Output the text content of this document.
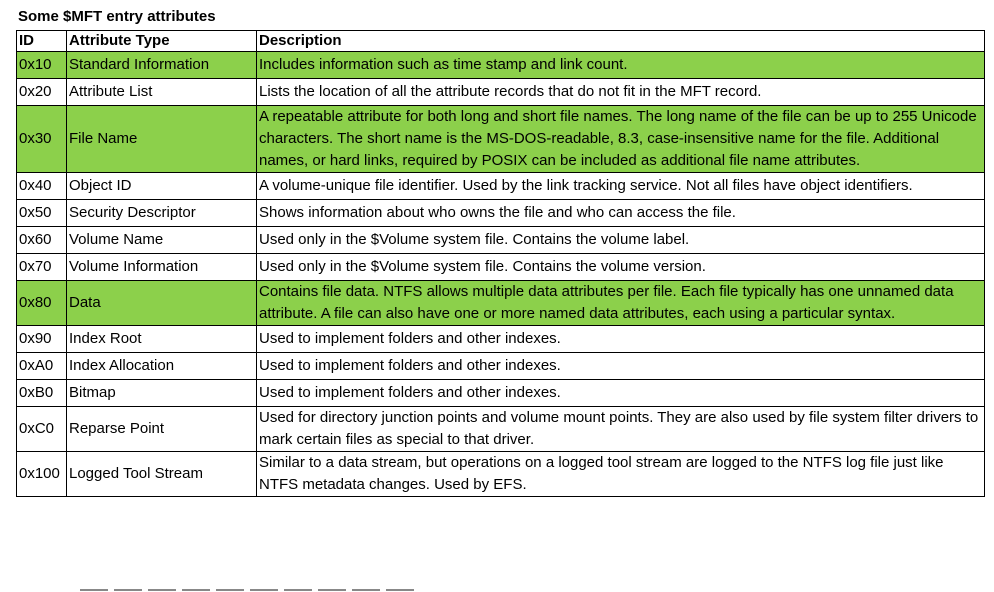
Some $MFT entry attributes
ID	Attribute Type	Description
0x10	Standard Information	Includes information such as time stamp and link count.
0x20	Attribute List	Lists the location of all the attribute records that do not fit in the MFT record.
0x30	File Name	A repeatable attribute for both long and short file names. The long name of the file can be up to 255 Unicode characters. The short name is the MS-DOS-readable, 8.3, case-insensitive name for the file. Additional names, or hard links, required by POSIX can be included as additional file name attributes.
0x40	Object ID	A volume-unique file identifier. Used by the link tracking service. Not all files have object identifiers.
0x50	Security Descriptor	Shows information about who owns the file and who can access the file.
0x60	Volume Name	Used only in the $Volume system file. Contains the volume label.
0x70	Volume Information	Used only in the $Volume system file. Contains the volume version.
0x80	Data	Contains file data. NTFS allows multiple data attributes per file. Each file typically has one unnamed data attribute. A file can also have one or more named data attributes, each using a particular syntax.
0x90	Index Root	Used to implement folders and other indexes.
0xA0	Index Allocation	Used to implement folders and other indexes.
0xB0	Bitmap	Used to implement folders and other indexes.
0xC0	Reparse Point	Used for directory junction points and volume mount points. They are also used by file system filter drivers to mark certain files as special to that driver.
0x100	Logged Tool Stream	Similar to a data stream, but operations on a logged tool stream are logged to the NTFS log file just like NTFS metadata changes. Used by EFS.
